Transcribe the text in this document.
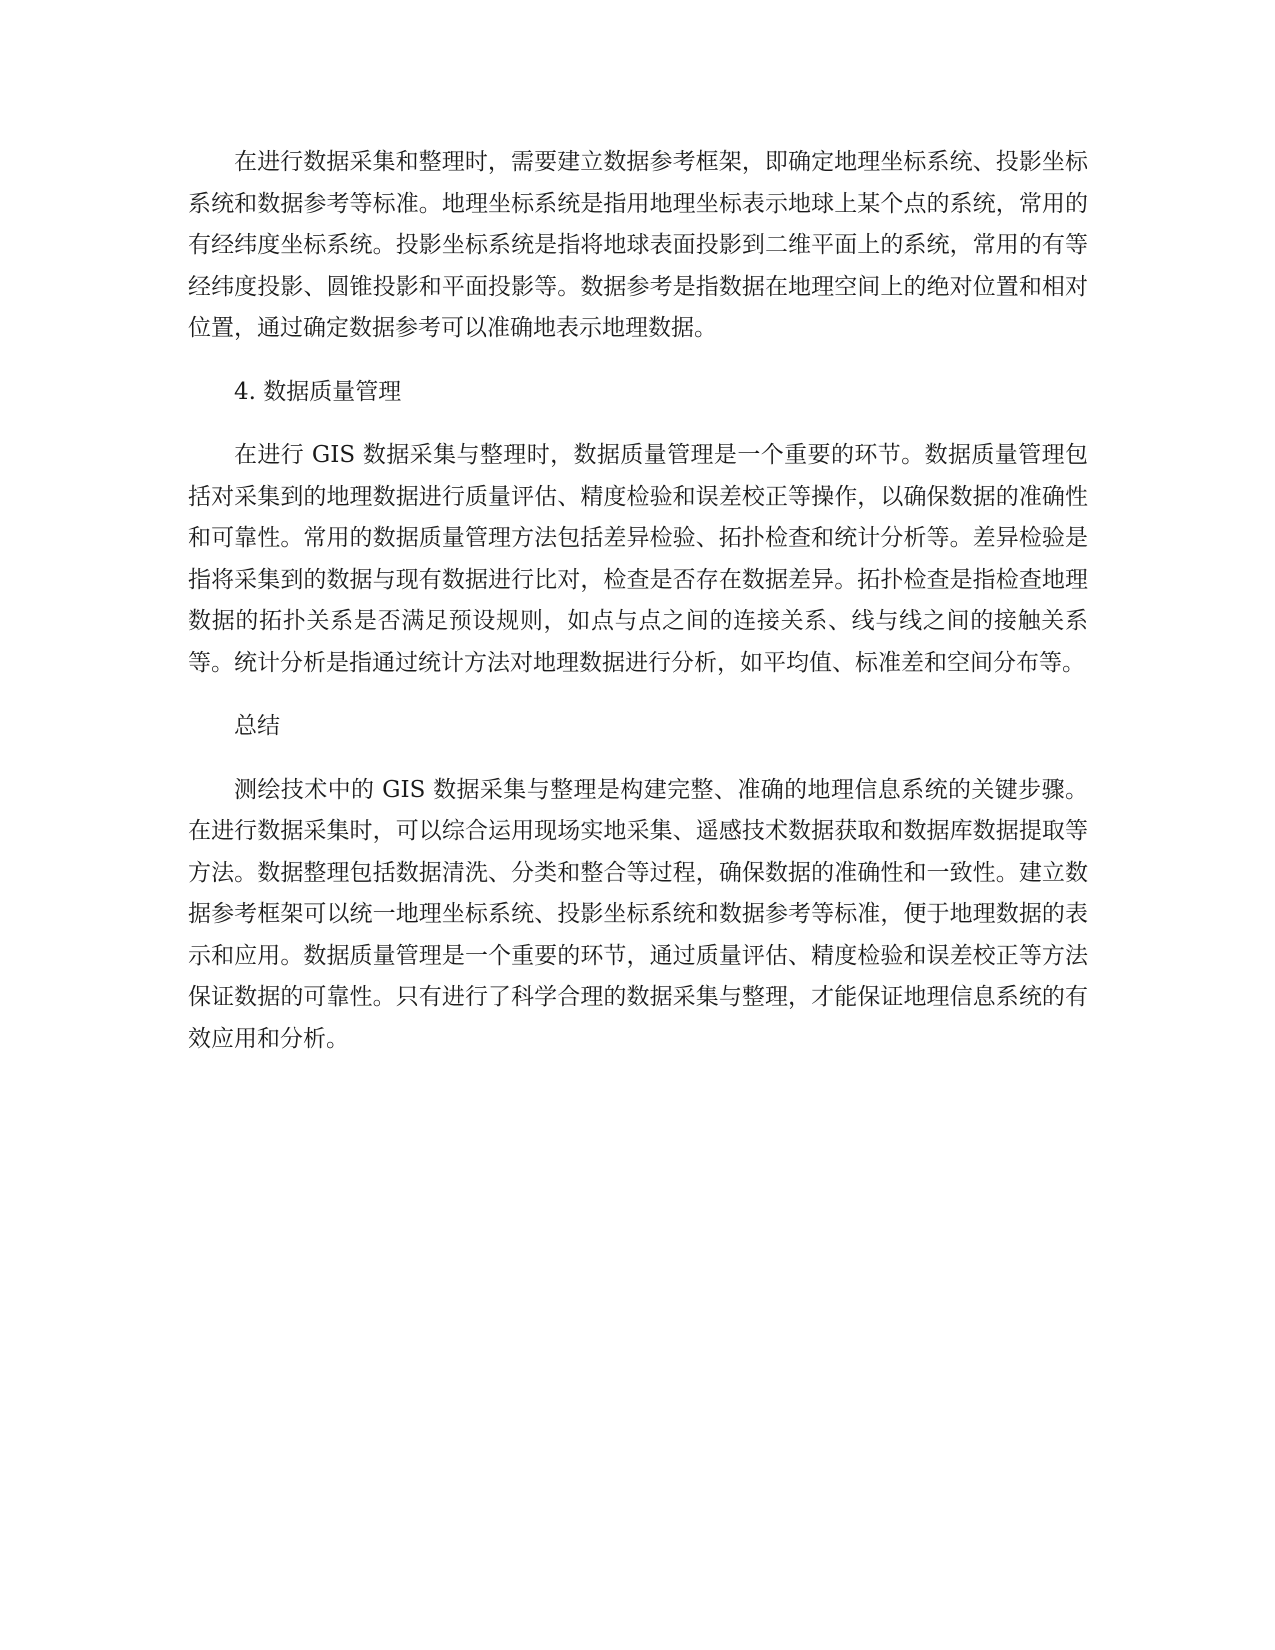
在进行数据采集和整理时，需要建立数据参考框架，即确定地理坐标系统、投影坐标系统和数据参考等标准。地理坐标系统是指用地理坐标表示地球上某个点的系统，常用的有经纬度坐标系统。投影坐标系统是指将地球表面投影到二维平面上的系统，常用的有等经纬度投影、圆锥投影和平面投影等。数据参考是指数据在地理空间上的绝对位置和相对位置，通过确定数据参考可以准确地表示地理数据。

4. 数据质量管理

在进行 GIS 数据采集与整理时，数据质量管理是一个重要的环节。数据质量管理包括对采集到的地理数据进行质量评估、精度检验和误差校正等操作，以确保数据的准确性和可靠性。常用的数据质量管理方法包括差异检验、拓扑检查和统计分析等。差异检验是指将采集到的数据与现有数据进行比对，检查是否存在数据差异。拓扑检查是指检查地理数据的拓扑关系是否满足预设规则，如点与点之间的连接关系、线与线之间的接触关系等。统计分析是指通过统计方法对地理数据进行分析，如平均值、标准差和空间分布等。

总结

测绘技术中的 GIS 数据采集与整理是构建完整、准确的地理信息系统的关键步骤。在进行数据采集时，可以综合运用现场实地采集、遥感技术数据获取和数据库数据提取等方法。数据整理包括数据清洗、分类和整合等过程，确保数据的准确性和一致性。建立数据参考框架可以统一地理坐标系统、投影坐标系统和数据参考等标准，便于地理数据的表示和应用。数据质量管理是一个重要的环节，通过质量评估、精度检验和误差校正等方法保证数据的可靠性。只有进行了科学合理的数据采集与整理，才能保证地理信息系统的有效应用和分析。
